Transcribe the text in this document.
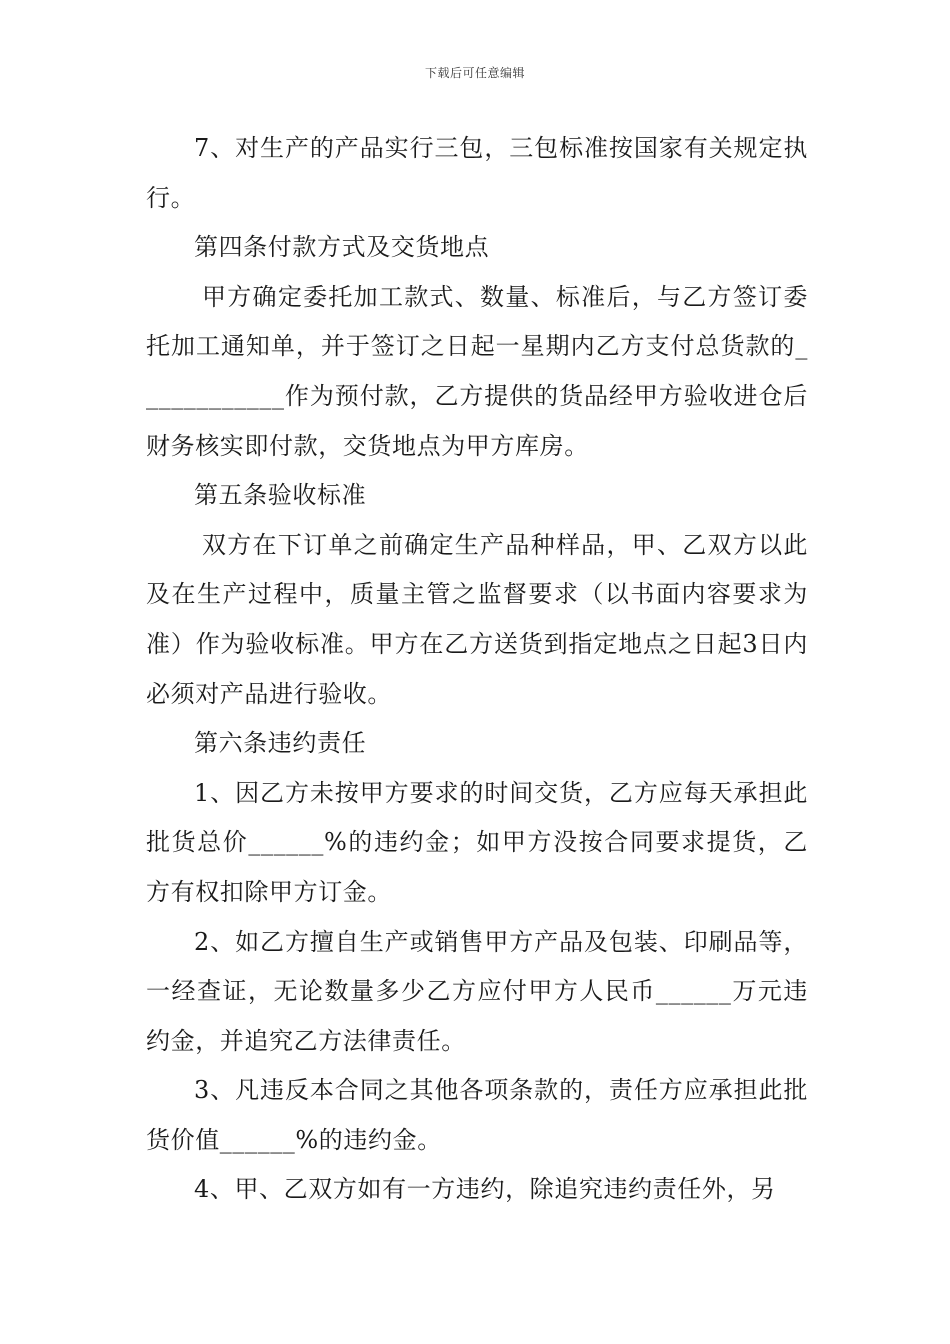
下载后可任意编辑

7、对生产的产品实行三包，三包标准按国家有关规定执行。

第四条付款方式及交货地点

甲方确定委托加工款式、数量、标准后，与乙方签订委托加工通知单，并于签订之日起一星期内乙方支付总货款的____________作为预付款，乙方提供的货品经甲方验收进仓后财务核实即付款，交货地点为甲方库房。

第五条验收标准

双方在下订单之前确定生产品种样品，甲、乙双方以此及在生产过程中，质量主管之监督要求（以书面内容要求为准）作为验收标准。甲方在乙方送货到指定地点之日起3日内必须对产品进行验收。

第六条违约责任

1、因乙方未按甲方要求的时间交货，乙方应每天承担此批货总价______%的违约金；如甲方没按合同要求提货，乙方有权扣除甲方订金。

2、如乙方擅自生产或销售甲方产品及包装、印刷品等，一经查证，无论数量多少乙方应付甲方人民币______万元违约金，并追究乙方法律责任。

3、凡违反本合同之其他各项条款的，责任方应承担此批货价值______%的违约金。

4、甲、乙双方如有一方违约，除追究违约责任外，另
